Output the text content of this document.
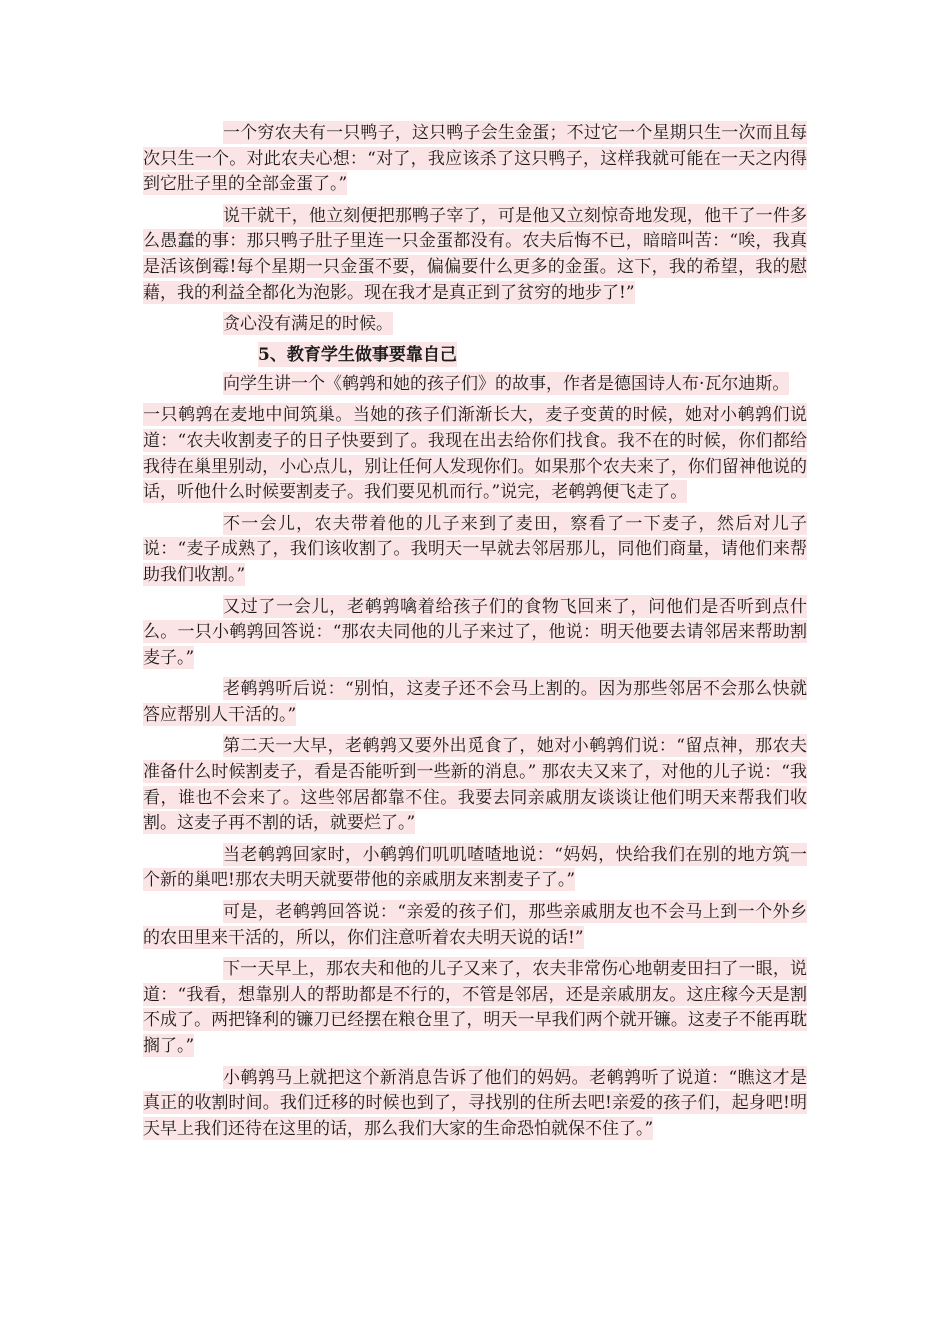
一个穷农夫有一只鸭子，这只鸭子会生金蛋；不过它一个星期只生一次而且每次只生一个。对此农夫心想：“对了，我应该杀了这只鸭子，这样我就可能在一天之内得到它肚子里的全部金蛋了。”

说干就干，他立刻便把那鸭子宰了，可是他又立刻惊奇地发现，他干了一件多么愚蠢的事：那只鸭子肚子里连一只金蛋都没有。农夫后悔不已，暗暗叫苦：“唉，我真是活该倒霉!每个星期一只金蛋不要，偏偏要什么更多的金蛋。这下，我的希望，我的慰藉，我的利益全都化为泡影。现在我才是真正到了贫穷的地步了!”

贪心没有满足的时候。

5、教育学生做事要靠自己

向学生讲一个《鹌鹑和她的孩子们》的故事，作者是德国诗人布·瓦尔迪斯。

一只鹌鹑在麦地中间筑巢。当她的孩子们渐渐长大，麦子变黄的时候，她对小鹌鹑们说道：“农夫收割麦子的日子快要到了。我现在出去给你们找食。我不在的时候，你们都给我待在巢里别动，小心点儿，别让任何人发现你们。如果那个农夫来了，你们留神他说的话，听他什么时候要割麦子。我们要见机而行。”说完，老鹌鹑便飞走了。

不一会儿，农夫带着他的儿子来到了麦田，察看了一下麦子，然后对儿子说：“麦子成熟了，我们该收割了。我明天一早就去邻居那儿，同他们商量，请他们来帮助我们收割。”

又过了一会儿，老鹌鹑噙着给孩子们的食物飞回来了，问他们是否听到点什么。一只小鹌鹑回答说：“那农夫同他的儿子来过了，他说：明天他要去请邻居来帮助割麦子。”

老鹌鹑听后说：“别怕，这麦子还不会马上割的。因为那些邻居不会那么快就答应帮别人干活的。”

第二天一大早，老鹌鹑又要外出觅食了，她对小鹌鹑们说：“留点神，那农夫准备什么时候割麦子，看是否能听到一些新的消息。” 那农夫又来了，对他的儿子说：“我看，谁也不会来了。这些邻居都靠不住。我要去同亲戚朋友谈谈让他们明天来帮我们收割。这麦子再不割的话，就要烂了。”

当老鹌鹑回家时，小鹌鹑们叽叽喳喳地说：“妈妈，快给我们在别的地方筑一个新的巢吧!那农夫明天就要带他的亲戚朋友来割麦子了。”

可是，老鹌鹑回答说：“亲爱的孩子们，那些亲戚朋友也不会马上到一个外乡的农田里来干活的，所以，你们注意听着农夫明天说的话!”

下一天早上，那农夫和他的儿子又来了，农夫非常伤心地朝麦田扫了一眼，说道：“我看，想靠别人的帮助都是不行的，不管是邻居，还是亲戚朋友。这庄稼今天是割不成了。两把锋利的镰刀已经摆在粮仓里了，明天一早我们两个就开镰。这麦子不能再耽搁了。”

小鹌鹑马上就把这个新消息告诉了他们的妈妈。老鹌鹑听了说道：“瞧这才是真正的收割时间。我们迁移的时候也到了，寻找别的住所去吧!亲爱的孩子们，起身吧!明天早上我们还待在这里的话，那么我们大家的生命恐怕就保不住了。”
